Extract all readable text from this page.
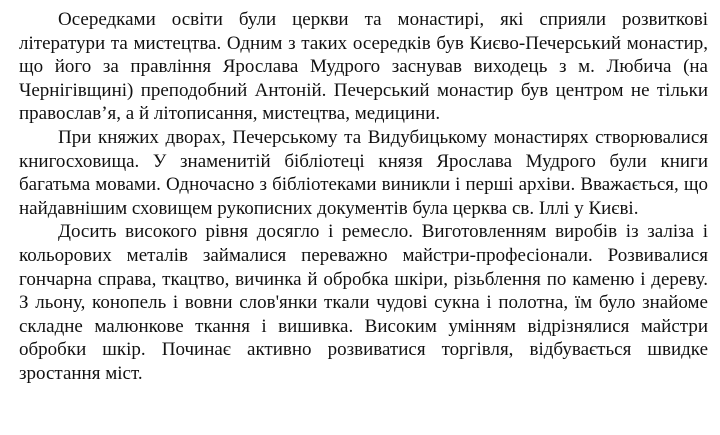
Осередками освіти були церкви та монастирі, які сприяли розвиткові літератури та мистецтва. Одним з таких осередків був Києво-Печерський монастир, що його за правління Ярослава Мудрого заснував виходець з м. Любича (на Чернігівщині) преподобний Антоній. Печерський монастир був центром не тільки православ’я, а й літописання, мистецтва, медицини.

При княжих дворах, Печерському та Видубицькому монастирях створювалися книгосховища. У знаменитій бібліотеці князя Ярослава Мудрого були книги багатьма мовами. Одночасно з бібліотеками виникли і перші архіви. Вважається, що найдавнішим сховищем рукописних документів була церква св. Іллі у Києві.

Досить високого рівня досягло і ремесло. Виготовленням виробів із заліза і кольорових металів займалися переважно майстри-професіонали. Розвивалися гончарна справа, ткацтво, вичинка й обробка шкіри, різьблення по каменю і дереву. З льону, конопель і вовни слов'янки ткали чудові сукна і полотна, їм було знайоме складне малюнкове ткання і вишивка. Високим умінням відрізнялися майстри обробки шкір. Починає активно розвиватися торгівля, відбувається швидке зростання міст.
